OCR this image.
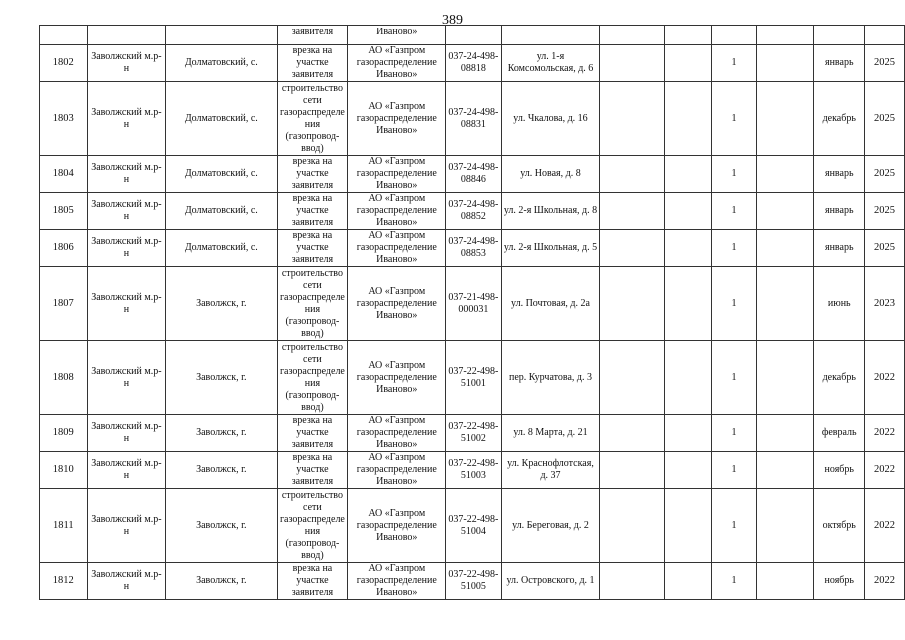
389

			заявителя	Иваново»								

1802	Заволжский м.р-н	Долматовский, с.	врезка на участке заявителя	АО «Газпром газораспределение Иваново»	037-24-498-08818	ул. 1-я Комсомольская, д. 6			1		январь	2025
1803	Заволжский м.р-н	Долматовский, с.	строительство сети газораспределения (газопровод-ввод)	АО «Газпром газораспределение Иваново»	037-24-498-08831	ул. Чкалова, д. 16			1		декабрь	2025
1804	Заволжский м.р-н	Долматовский, с.	врезка на участке заявителя	АО «Газпром газораспределение Иваново»	037-24-498-08846	ул. Новая, д. 8			1		январь	2025
1805	Заволжский м.р-н	Долматовский, с.	врезка на участке заявителя	АО «Газпром газораспределение Иваново»	037-24-498-08852	ул. 2-я Школьная, д. 8			1		январь	2025
1806	Заволжский м.р-н	Долматовский, с.	врезка на участке заявителя	АО «Газпром газораспределение Иваново»	037-24-498-08853	ул. 2-я Школьная, д. 5			1		январь	2025
1807	Заволжский м.р-н	Заволжск, г.	строительство сети газораспределения (газопровод-ввод)	АО «Газпром газораспределение Иваново»	037-21-498-000031	ул. Почтовая, д. 2а			1		июнь	2023
1808	Заволжский м.р-н	Заволжск, г.	строительство сети газораспределения (газопровод-ввод)	АО «Газпром газораспределение Иваново»	037-22-498-51001	пер. Курчатова, д. 3			1		декабрь	2022
1809	Заволжский м.р-н	Заволжск, г.	врезка на участке заявителя	АО «Газпром газораспределение Иваново»	037-22-498-51002	ул. 8 Марта, д. 21			1		февраль	2022
1810	Заволжский м.р-н	Заволжск, г.	врезка на участке заявителя	АО «Газпром газораспределение Иваново»	037-22-498-51003	ул. Краснофлотская, д. 37			1		ноябрь	2022
1811	Заволжский м.р-н	Заволжск, г.	строительство сети газораспределения (газопровод-ввод)	АО «Газпром газораспределение Иваново»	037-22-498-51004	ул. Береговая, д. 2			1		октябрь	2022
1812	Заволжский м.р-н	Заволжск, г.	врезка на участке заявителя	АО «Газпром газораспределение Иваново»	037-22-498-51005	ул. Островского, д. 1			1		ноябрь	2022
